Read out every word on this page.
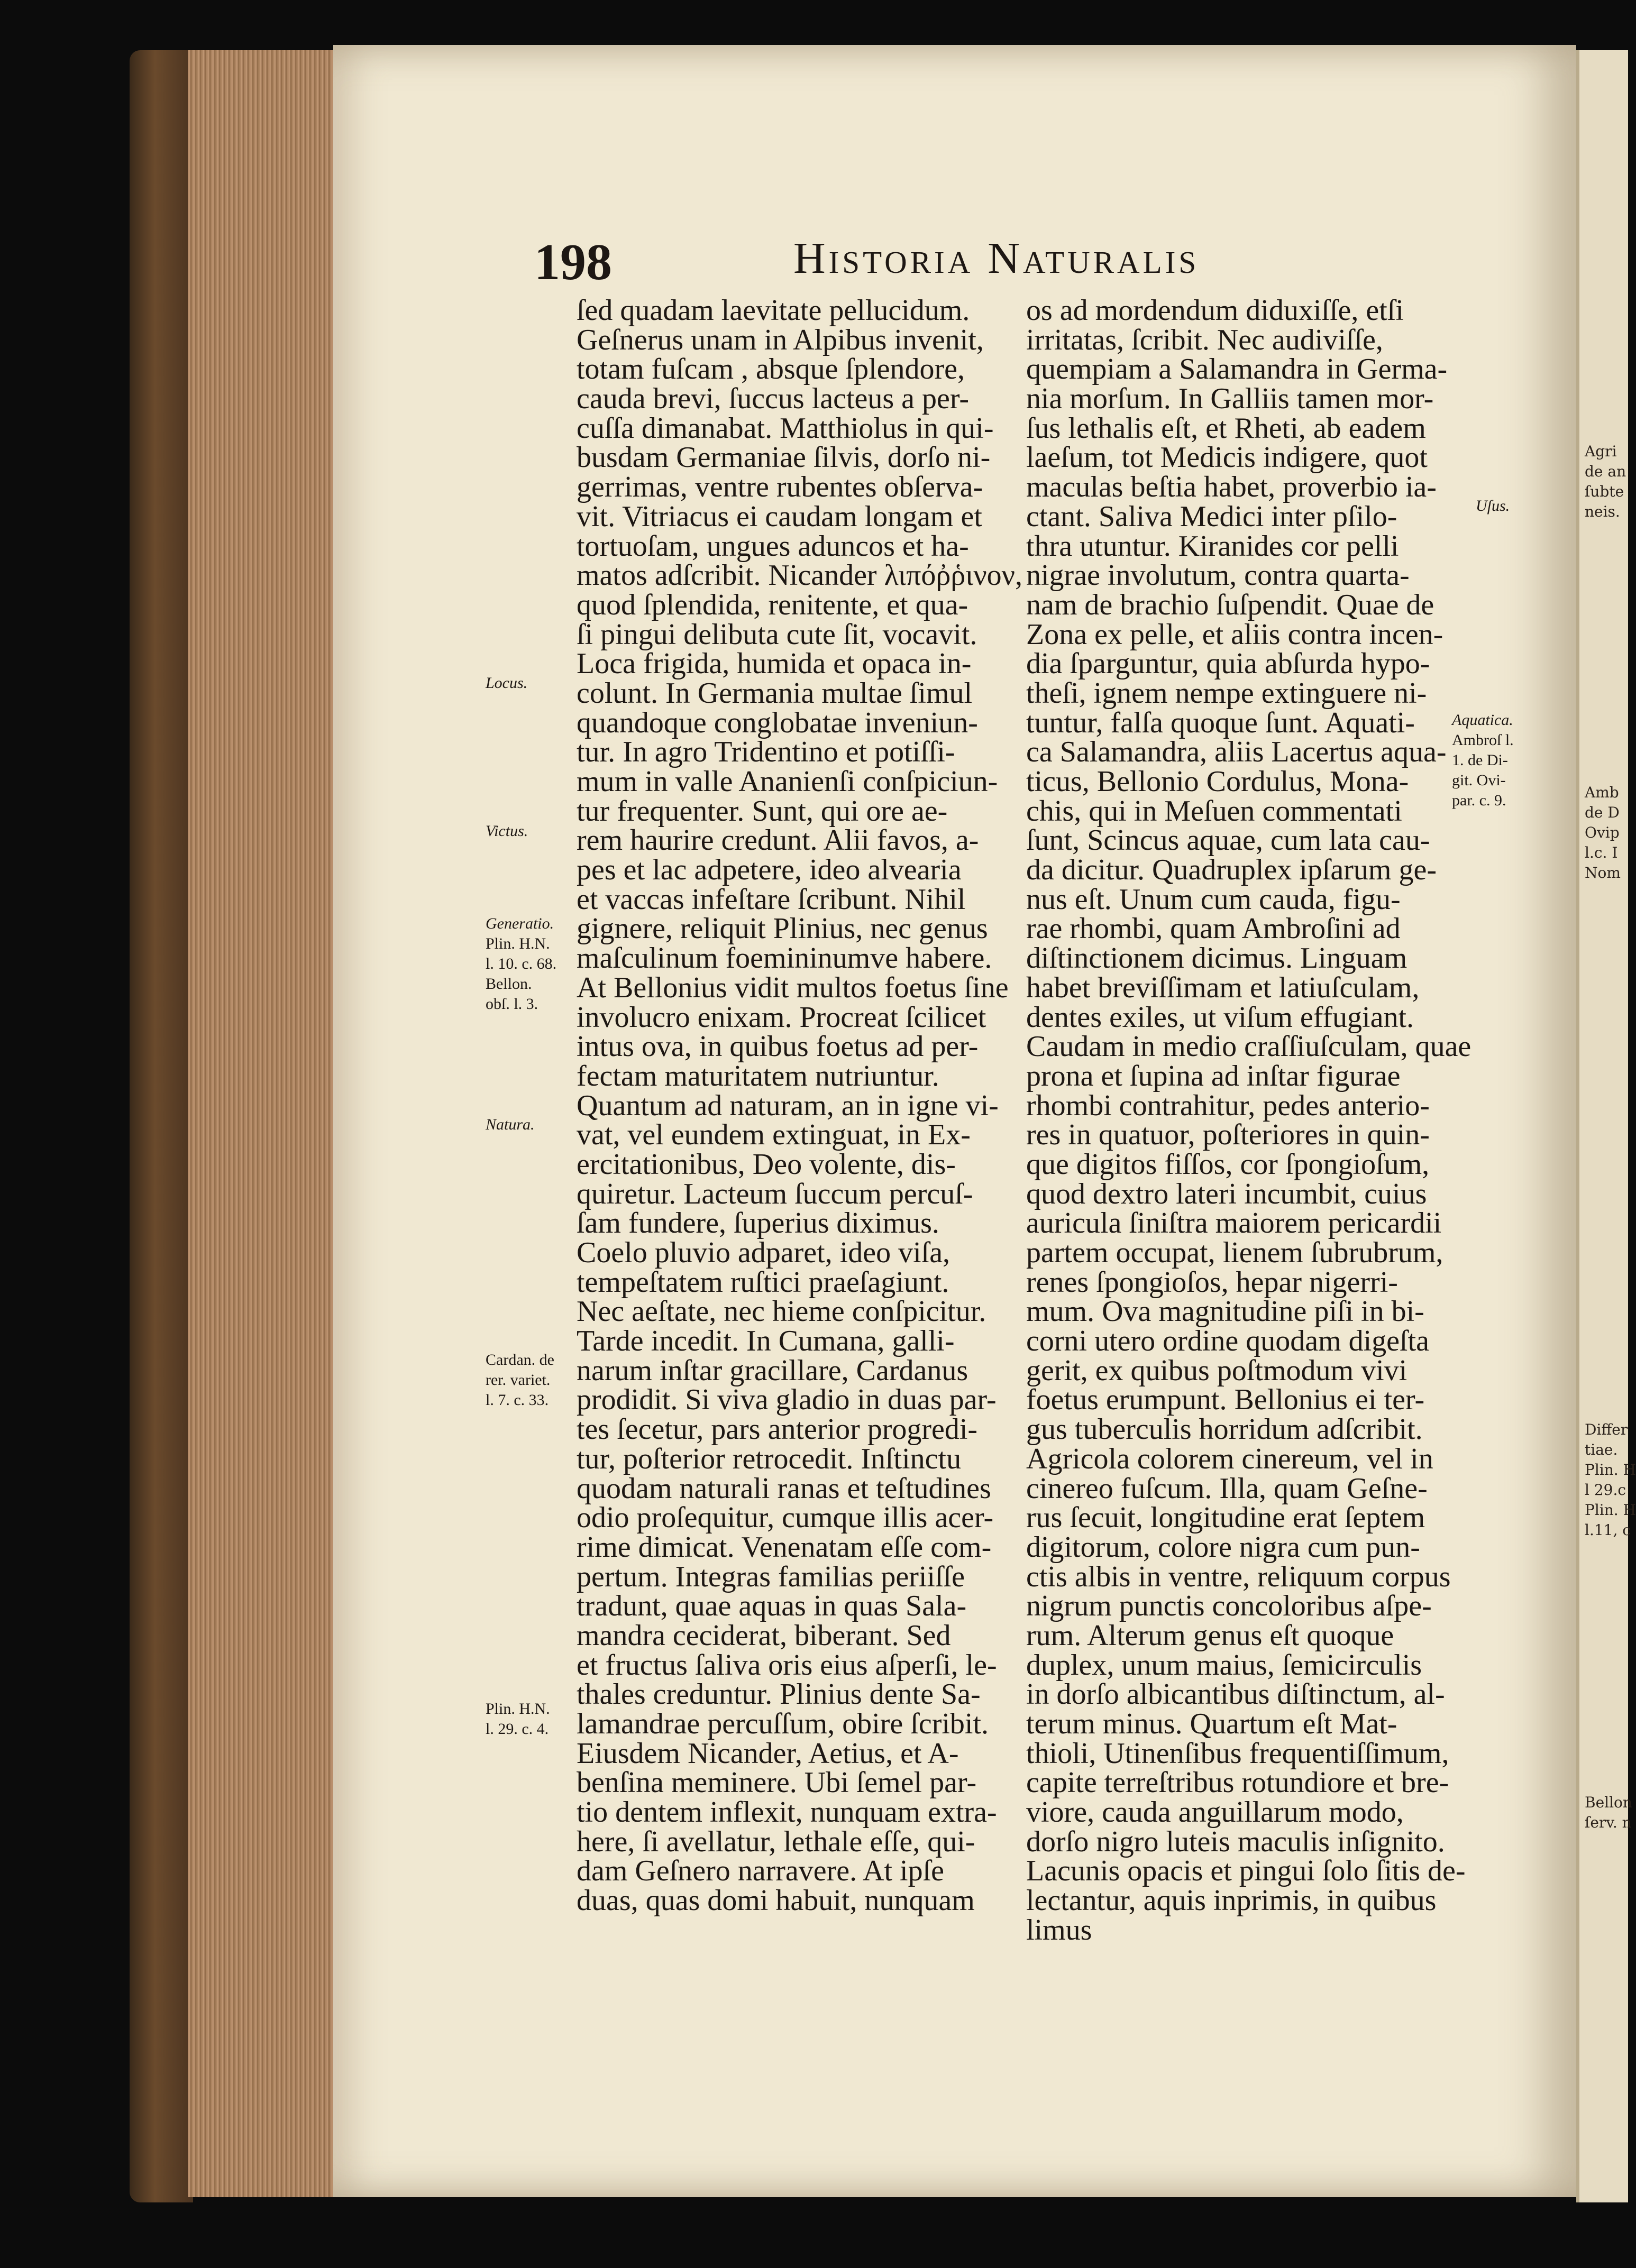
Agri
de an
ſubte
neis.
Amb
de D
Ovip
l.c. I
Nom
Differ
tiae.
Plin. H
l 29.c
Plin. H
l.11, c
Bellon
ſerv. n
198	Historia Naturalis
ſed quadam laevitate pellucidum.
Geſnerus unam in Alpibus invenit,
totam fuſcam , absque ſplendore,
cauda brevi, ſuccus lacteus a per-
cuſſa dimanabat. Matthiolus in qui-
busdam Germaniae ſilvis, dorſo ni-
gerrimas, ventre rubentes obſerva-
vit. Vitriacus ei caudam longam et
tortuoſam, ungues aduncos et ha-
matos adſcribit. Nicander λιπόῤῥινον,
quod ſplendida, renitente, et qua-
ſi pingui delibuta cute ſit, vocavit.
Loca frigida, humida et opaca in-
colunt. In Germania multae ſimul
quandoque conglobatae inveniun-
tur. In agro Tridentino et potiſſi-
mum in valle Ananienſi conſpiciun-
tur frequenter. Sunt, qui ore ae-
rem haurire credunt. Alii favos, a-
pes et lac adpetere, ideo alvearia
et vaccas infeſtare ſcribunt. Nihil
gignere, reliquit Plinius, nec genus
maſculinum foemininumve habere.
At Bellonius vidit multos foetus ſine
involucro enixam. Procreat ſcilicet
intus ova, in quibus foetus ad per-
fectam maturitatem nutriuntur.
Quantum ad naturam, an in igne vi-
vat, vel eundem extinguat, in Ex-
ercitationibus, Deo volente, dis-
quiretur. Lacteum ſuccum percuſ-
ſam fundere, ſuperius diximus.
Coelo pluvio adparet, ideo viſa,
tempeſtatem ruſtici praeſagiunt.
Nec aeſtate, nec hieme conſpicitur.
Tarde incedit. In Cumana, galli-
narum inſtar gracillare, Cardanus
prodidit. Si viva gladio in duas par-
tes ſecetur, pars anterior progredi-
tur, poſterior retrocedit. Inſtinctu
quodam naturali ranas et teſtudines
odio proſequitur, cumque illis acer-
rime dimicat. Venenatam eſſe com-
pertum. Integras familias periiſſe
tradunt, quae aquas in quas Sala-
mandra ceciderat, biberant. Sed
et fructus ſaliva oris eius aſperſi, le-
thales creduntur. Plinius dente Sa-
lamandrae percuſſum, obire ſcribit.
Eiusdem Nicander, Aetius, et A-
benſina meminere. Ubi ſemel par-
tio dentem inflexit, nunquam extra-
here, ſi avellatur, lethale eſſe, qui-
dam Geſnero narravere. At ipſe
duas, quas domi habuit, nunquam
os ad mordendum diduxiſſe, etſi
irritatas, ſcribit. Nec audiviſſe,
quempiam a Salamandra in Germa-
nia morſum. In Galliis tamen mor-
ſus lethalis eſt, et Rheti, ab eadem
laeſum, tot Medicis indigere, quot
maculas beſtia habet, proverbio ia-
ctant. Saliva Medici inter pſilo-
thra utuntur. Kiranides cor pelli
nigrae involutum, contra quarta-
nam de brachio ſuſpendit. Quae de
Zona ex pelle, et aliis contra incen-
dia ſparguntur, quia abſurda hypo-
theſi, ignem nempe extinguere ni-
tuntur, falſa quoque ſunt. Aquati-
ca Salamandra, aliis Lacertus aqua-
ticus, Bellonio Cordulus, Mona-
chis, qui in Meſuen commentati
ſunt, Scincus aquae, cum lata cau-
da dicitur. Quadruplex ipſarum ge-
nus eſt. Unum cum cauda, figu-
rae rhombi, quam Ambroſini ad
diſtinctionem dicimus. Linguam
habet breviſſimam et latiuſculam,
dentes exiles, ut viſum effugiant.
Caudam in medio craſſiuſculam, quae
prona et ſupina ad inſtar figurae
rhombi contrahitur, pedes anterio-
res in quatuor, poſteriores in quin-
que digitos fiſſos, cor ſpongioſum,
quod dextro lateri incumbit, cuius
auricula ſiniſtra maiorem pericardii
partem occupat, lienem ſubrubrum,
renes ſpongioſos, hepar nigerri-
mum. Ova magnitudine piſi in bi-
corni utero ordine quodam digeſta
gerit, ex quibus poſtmodum vivi
foetus erumpunt. Bellonius ei ter-
gus tuberculis horridum adſcribit.
Agricola colorem cinereum, vel in
cinereo fuſcum. Illa, quam Geſne-
rus ſecuit, longitudine erat ſeptem
digitorum, colore nigra cum pun-
ctis albis in ventre, reliquum corpus
nigrum punctis concoloribus aſpe-
rum. Alterum genus eſt quoque
duplex, unum maius, ſemicirculis
in dorſo albicantibus diſtinctum, al-
terum minus. Quartum eſt Mat-
thioli, Utinenſibus frequentiſſimum,
capite terreſtribus rotundiore et bre-
viore, cauda anguillarum modo,
dorſo nigro luteis maculis inſignito.
Lacunis opacis et pingui ſolo ſitis de-
lectantur, aquis inprimis, in quibus
limus
Locus.
Victus.
Generatio.
Plin. H.N.
l. 10. c. 68.
Bellon.
obſ. l. 3.
Natura.
Cardan. de
rer. variet.
l. 7. c. 33.
Plin. H.N.
l. 29. c. 4.
Uſus.
Aquatica.
Ambroſ l.
1. de Di-
git. Ovi-
par. c. 9.
